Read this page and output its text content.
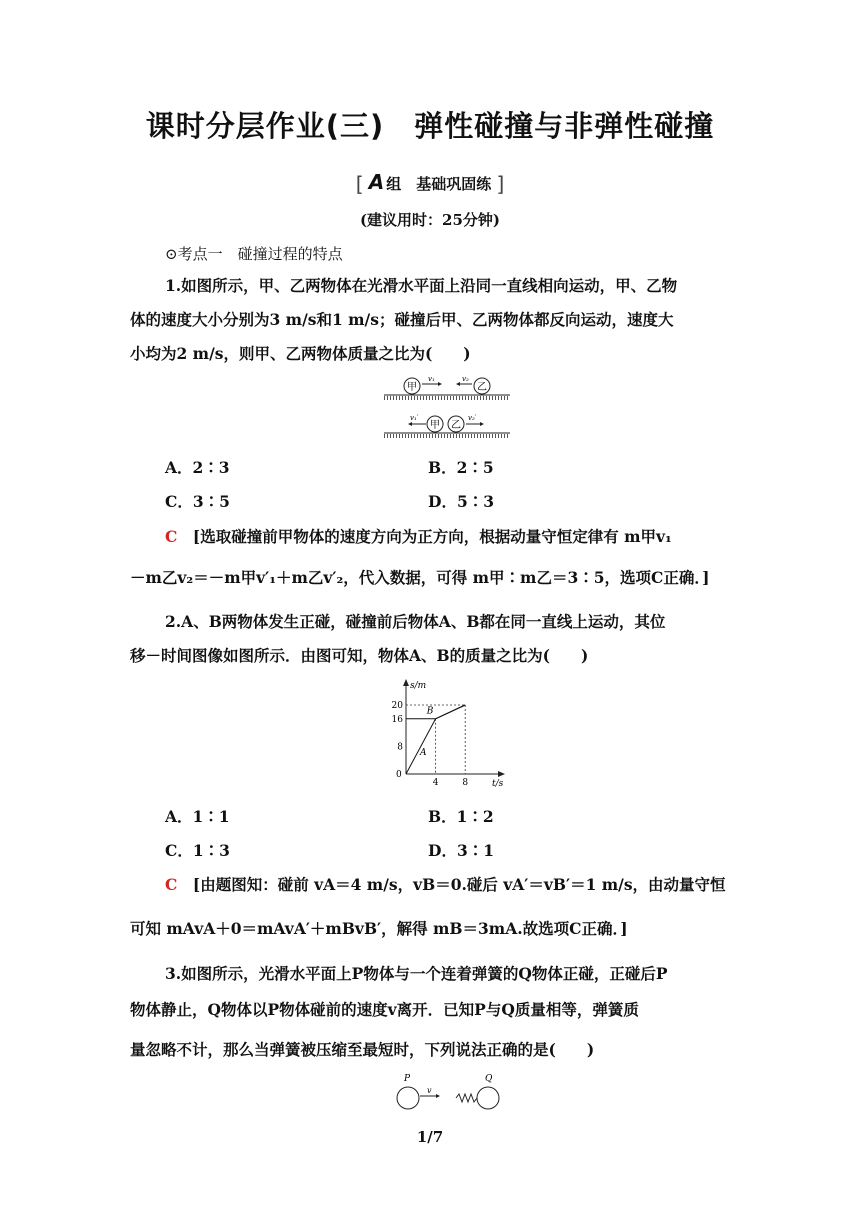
课时分层作业(三)　弹性碰撞与非弹性碰撞
[ A 组　基础巩固练 ]
(建议用时：25分钟)
⊙考点一　碰撞过程的特点
1.如图所示，甲、乙两物体在光滑水平面上沿同一直线相向运动，甲、乙物
体的速度大小分别为3 m/s和1 m/s；碰撞后甲、乙两物体都反向运动，速度大
小均为2 m/s，则甲、乙两物体质量之比为(　　)
甲
v₁	v₂
乙
v₁′
甲 乙
v₂′
A．2∶3	B．2∶5
C．3∶5	D．5∶3
C　 [选取碰撞前甲物体的速度方向为正方向，根据动量守恒定律有 m甲v₁
－m乙v₂＝－m甲v′₁＋m乙v′₂，代入数据，可得 m甲∶m乙＝3∶5，选项C正确．]
2.A、B两物体发生正碰，碰撞前后物体A、B都在同一直线上运动，其位
移－时间图像如图所示．由图可知，物体A、B的质量之比为(　　)
s/m
t/s
0
8
16
20
4	8
A
B
A．1∶1	B．1∶2
C．1∶3	D．3∶1
C　 [由题图知：碰前 vA＝4 m/s，vB＝0.碰后 vA′＝vB′＝1 m/s，由动量守恒
可知 mAvA＋0＝mAvA′＋mBvB′，解得 mB＝3mA.故选项C正确．]
3.如图所示，光滑水平面上P物体与一个连着弹簧的Q物体正碰，正碰后P
物体静止，Q物体以P物体碰前的速度v离开．已知P与Q质量相等，弹簧质
量忽略不计，那么当弹簧被压缩至最短时，下列说法正确的是(　　)
P
v
Q
1/7
